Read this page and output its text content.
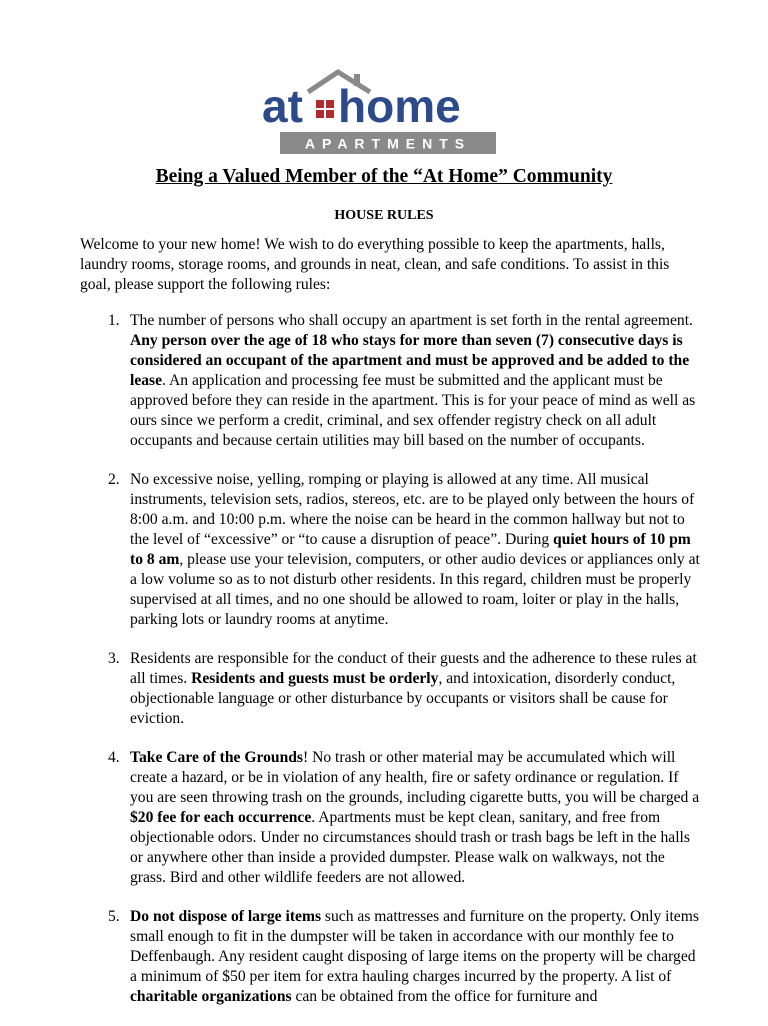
at home
APARTMENTS
Being a Valued Member of the “At Home” Community
HOUSE RULES

Welcome to your new home! We wish to do everything possible to keep the apartments, halls, laundry rooms, storage rooms, and grounds in neat, clean, and safe conditions. To assist in this goal, please support the following rules:

1. The number of persons who shall occupy an apartment is set forth in the rental agreement. Any person over the age of 18 who stays for more than seven (7) consecutive days is considered an occupant of the apartment and must be approved and be added to the lease. An application and processing fee must be submitted and the applicant must be approved before they can reside in the apartment. This is for your peace of mind as well as ours since we perform a credit, criminal, and sex offender registry check on all adult occupants and because certain utilities may bill based on the number of occupants.

2. No excessive noise, yelling, romping or playing is allowed at any time. All musical instruments, television sets, radios, stereos, etc. are to be played only between the hours of 8:00 a.m. and 10:00 p.m. where the noise can be heard in the common hallway but not to the level of “excessive” or “to cause a disruption of peace”. During quiet hours of 10 pm to 8 am, please use your television, computers, or other audio devices or appliances only at a low volume so as to not disturb other residents. In this regard, children must be properly supervised at all times, and no one should be allowed to roam, loiter or play in the halls, parking lots or laundry rooms at anytime.

3. Residents are responsible for the conduct of their guests and the adherence to these rules at all times. Residents and guests must be orderly, and intoxication, disorderly conduct, objectionable language or other disturbance by occupants or visitors shall be cause for eviction.

4. Take Care of the Grounds! No trash or other material may be accumulated which will create a hazard, or be in violation of any health, fire or safety ordinance or regulation. If you are seen throwing trash on the grounds, including cigarette butts, you will be charged a $20 fee for each occurrence. Apartments must be kept clean, sanitary, and free from objectionable odors. Under no circumstances should trash or trash bags be left in the halls or anywhere other than inside a provided dumpster. Please walk on walkways, not the grass. Bird and other wildlife feeders are not allowed.

5. Do not dispose of large items such as mattresses and furniture on the property. Only items small enough to fit in the dumpster will be taken in accordance with our monthly fee to Deffenbaugh. Any resident caught disposing of large items on the property will be charged a minimum of $50 per item for extra hauling charges incurred by the property. A list of charitable organizations can be obtained from the office for furniture and
